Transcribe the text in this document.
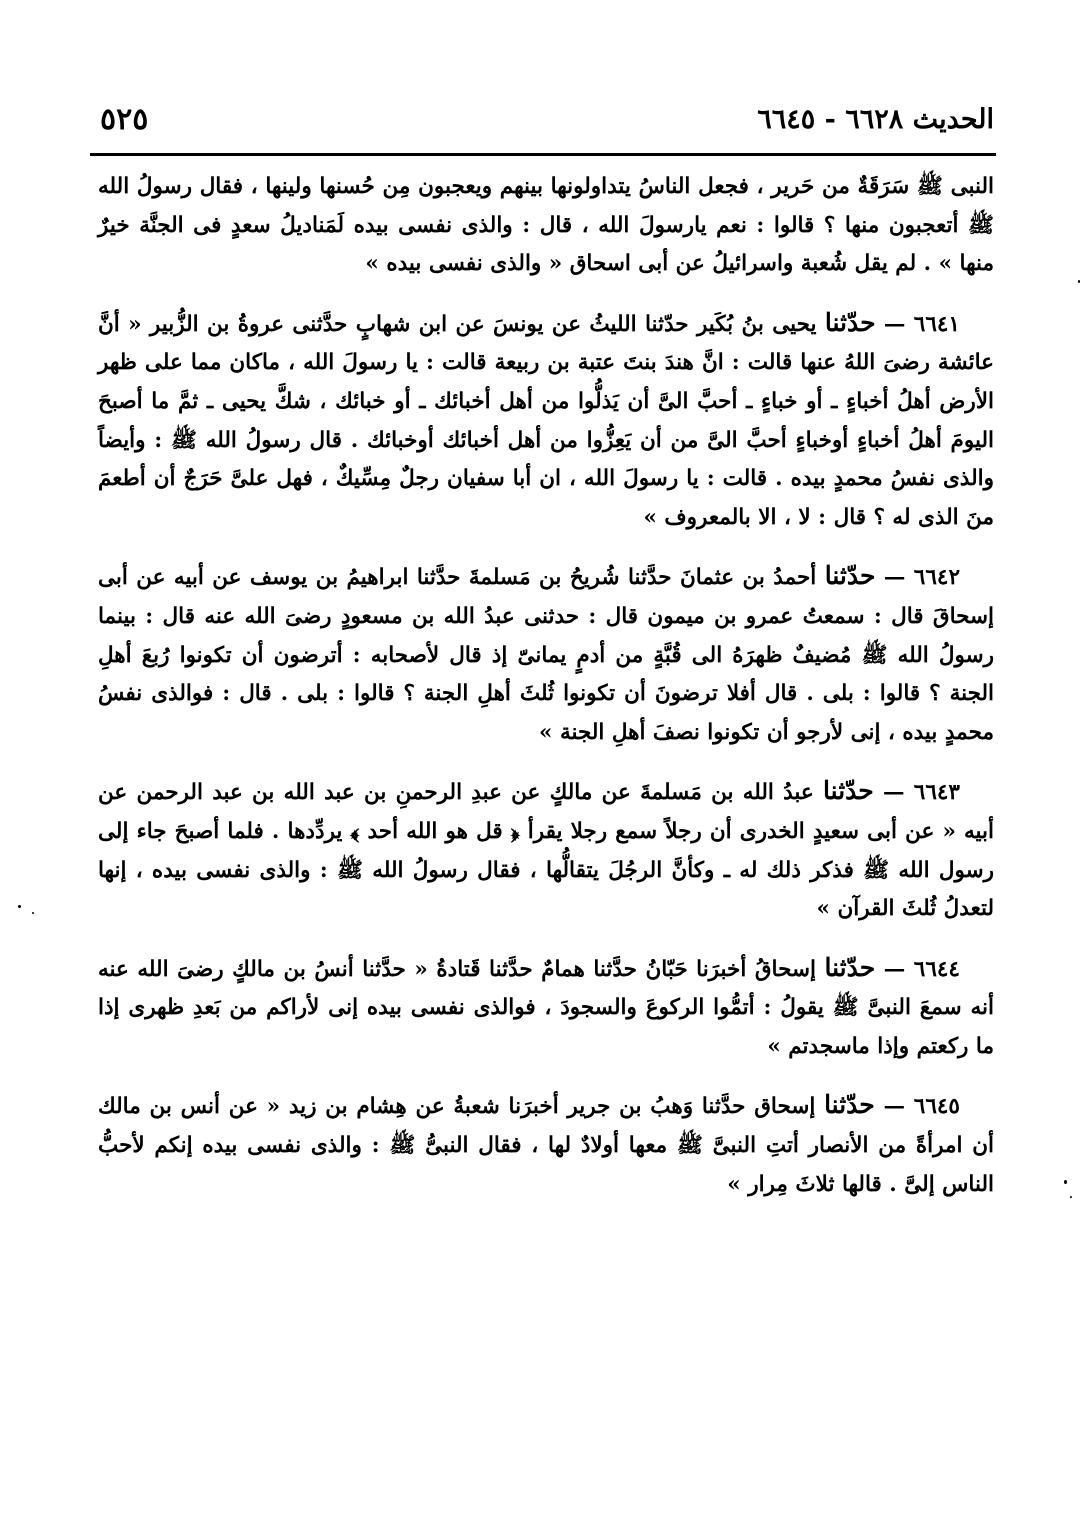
الحديث ٦٦٢٨ - ٦٦٤٥
٥٢٥

النبى ﷺ سَرَقَةٌ من حَرير ، فجعل الناسُ يتداولونها بينهم ويعجبون مِن حُسنها ولينها ، فقال رسولُ الله ﷺ أتعجبون منها ؟ قالوا : نعم يارسولَ الله ، قال : والذى نفسى بيده لَمَناديلُ سعدٍ فى الجنَّة خيرٌ منها » . لم يقل شُعبة واسرائيلُ عن أبى اسحاق « والذى نفسى بيده »

٦٦٤١ — حدّثنا يحيى بنُ بُكَير حدّثنا الليثُ عن يونسَ عن ابن شهابٍ حدَّثنى عروةُ بن الزُّبير « أنَّ عائشة رضىَ اللهُ عنها قالت : انَّ هندَ بنتَ عتبة بن ربيعة قالت : يا رسولَ الله ، ماكان مما على ظهر الأرض أهلُ أخباءٍ ـ أو خباءٍ ـ أحبَّ الىَّ أن يَذلُّوا من أهل أخبائك ـ أو خبائك ، شكَّ يحيى ـ ثمَّ ما أصبحَ اليومَ أهلُ أخباءٍ أوخباءٍ أحبَّ الىَّ من أن يَعِزُّوا من أهل أخبائك أوخبائك . قال رسولُ الله ﷺ : وأيضاً والذى نفسُ محمدٍ بيده . قالت : يا رسولَ الله ، ان أبا سفيان رجلٌ مِسِّيكٌ ، فهل علىَّ حَرَجٌ أن أطعمَ منَ الذى له ؟ قال : لا ، الا بالمعروف »

٦٦٤٢ — حدّثنا أحمدُ بن عثمانَ حدَّثنا شُريحُ بن مَسلمةَ حدَّثنا ابراهيمُ بن يوسف عن أبيه عن أبى إسحاقَ قال : سمعتُ عمرو بن ميمون قال : حدثنى عبدُ الله بن مسعودٍ رضىَ الله عنه قال : بينما رسولُ الله ﷺ مُضيفٌ ظهرَهُ الى قُبَّةٍ من أدمٍ يمانىّ إذ قال لأصحابه : أترضون أن تكونوا رُبعَ أهلِ الجنة ؟ قالوا : بلى . قال أفلا ترضونَ أن تكونوا ثُلثَ أهلِ الجنة ؟ قالوا : بلى . قال : فوالذى نفسُ محمدٍ بيده ، إنى لأرجو أن تكونوا نصفَ أهلِ الجنة »

٦٦٤٣ — حدّثنا عبدُ الله بن مَسلمةَ عن مالكٍ عن عبدِ الرحمنِ بن عبد الله بن عبد الرحمن عن أبيه « عن أبى سعيدٍ الخدرى أن رجلاً سمع رجلا يقرأ ﴿ قل هو الله أحد ﴾ يردِّدها . فلما أصبحَ جاء إلى رسول الله ﷺ فذكر ذلك له ـ وكأنَّ الرجُلَ يتقالُّها ، فقال رسولُ الله ﷺ : والذى نفسى بيده ، إنها لتعدلُ ثُلثَ القرآن »

٦٦٤٤ — حدّثنا إسحاقُ أخبرَنا حَبّانُ حدَّثنا همامٌ حدَّثنا قَتادةُ « حدَّثنا أنسُ بن مالكٍ رضىَ الله عنه أنه سمعَ النبىَّ ﷺ يقولُ : أتمُّوا الركوعَ والسجودَ ، فوالذى نفسى بيده إنى لأراكم من بَعدِ ظهرى إذا ما ركعتم وإذا ماسجدتم »

٦٦٤٥ — حدّثنا إسحاق حدَّثنا وَهبُ بن جرير أخبرَنا شعبةُ عن هِشام بن زيد « عن أنس بن مالك أن امرأةً من الأنصار أتتِ النبىَّ ﷺ معها أولادٌ لها ، فقال النبىُّ ﷺ : والذى نفسى بيده إنكم لأحبُّ الناس إلىَّ . قالها ثلاثَ مِرار »
